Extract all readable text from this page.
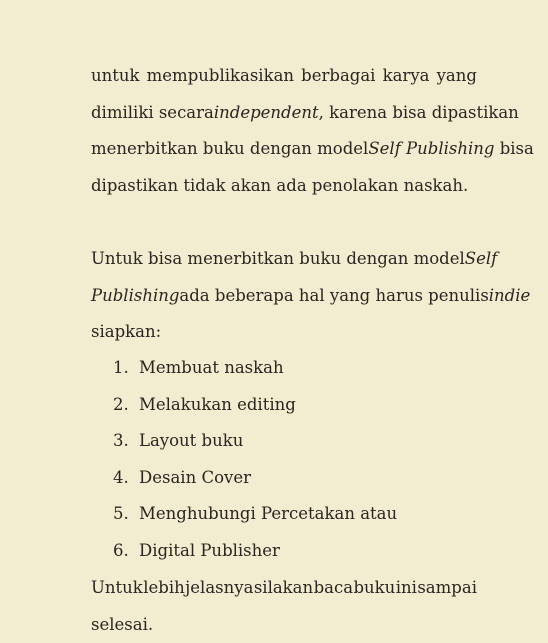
untuk mempublikasikan berbagai karya yang
dimiliki secara independent, karena bisa dipastikan
menerbitkan buku dengan model Self Publishing bisa
dipastikan tidak akan ada penolakan naskah.
Untuk bisa menerbitkan buku dengan model Self
Publishing ada beberapa hal yang harus penulis indie
siapkan:
1. Membuat naskah
2. Melakukan editing
3. Layout buku
4. Desain Cover
5. Menghubungi Percetakan atau
6. Digital Publisher
Untuk lebih jelasnya silakan baca buku ini sampai
selesai.
